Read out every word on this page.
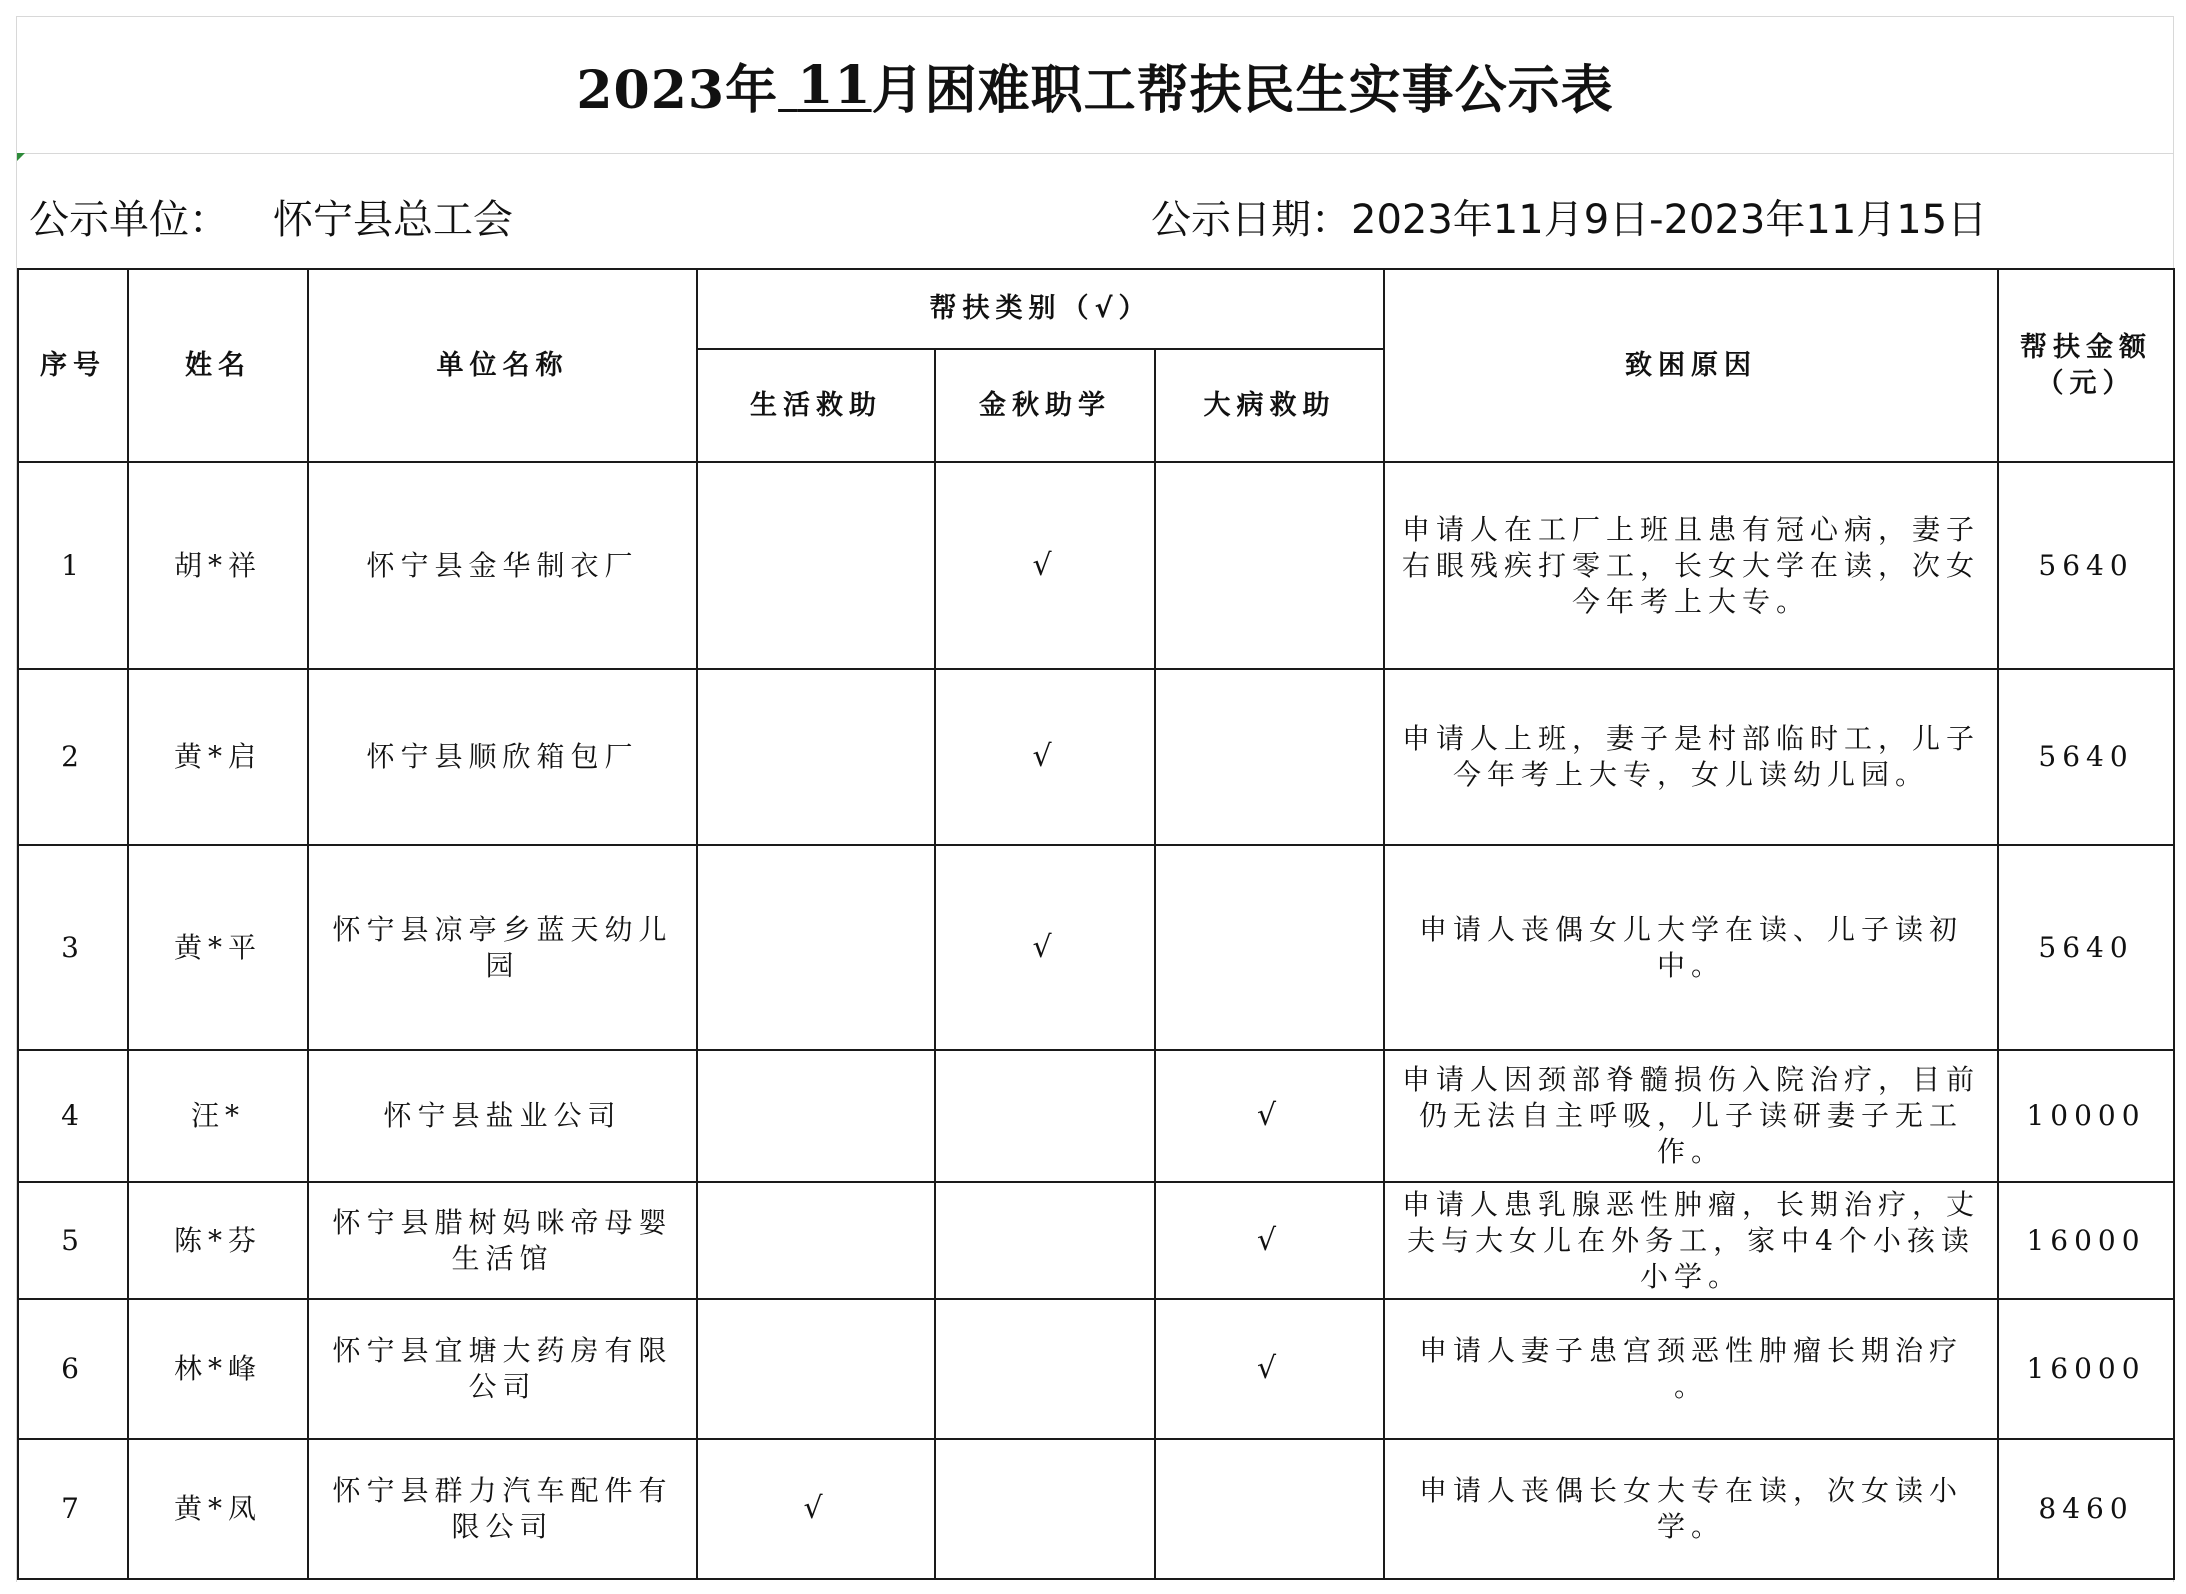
2023年 11 月困难职工帮扶民生实事公示表
公示单位： 怀宁县总工会	公示日期：2023年11月9日-2023年11月15日
序号	姓名	单位名称	帮扶类别（√）			致困原因	帮扶金额（元）
			生活救助	金秋助学	大病救助		
1	胡*祥	怀宁县金华制衣厂		√		申请人在工厂上班且患有冠心病，妻子右眼残疾打零工，长女大学在读，次女今年考上大专。	5640
2	黄*启	怀宁县顺欣箱包厂		√		申请人上班，妻子是村部临时工，儿子今年考上大专，女儿读幼儿园。	5640
3	黄*平	怀宁县凉亭乡蓝天幼儿园		√		申请人丧偶女儿大学在读、儿子读初中。	5640
4	汪*	怀宁县盐业公司			√	申请人因颈部脊髓损伤入院治疗，目前仍无法自主呼吸，儿子读研妻子无工作。	10000
5	陈*芬	怀宁县腊树妈咪帝母婴生活馆			√	申请人患乳腺恶性肿瘤，长期治疗，丈夫与大女儿在外务工，家中4个小孩读小学。	16000
6	林*峰	怀宁县宜塘大药房有限公司			√	申请人妻子患宫颈恶性肿瘤长期治疗 。	16000
7	黄*凤	怀宁县群力汽车配件有限公司	√			申请人丧偶长女大专在读，次女读小学。	8460
